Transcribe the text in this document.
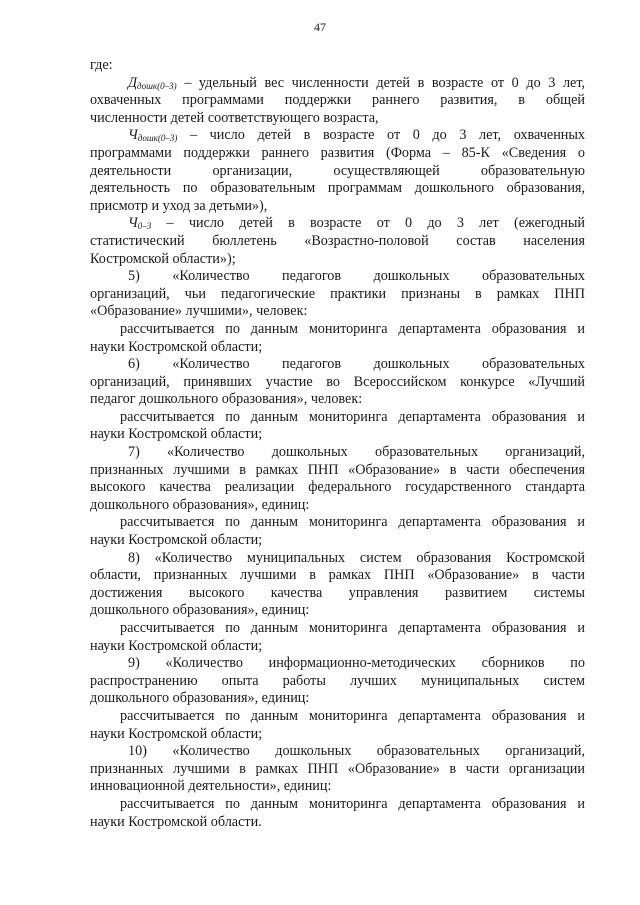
47
где:
$Д_{дошк(0-3)}$ – удельный вес численности детей в возрасте от 0 до 3 лет,
охваченных программами поддержки раннего развития, в общей
численности детей соответствующего возраста,
$Ч_{дошк(0-3)}$ – число детей в возрасте от 0 до 3 лет, охваченных
программами поддержки раннего развития (Форма – 85-К «Сведения о
деятельности организации, осуществляющей образовательную
деятельность по образовательным программам дошкольного образования,
присмотр и уход за детьми»),
$Ч_{0-3}$ – число детей в возрасте от 0 до 3 лет (ежегодный
статистический бюллетень «Возрастно-половой состав населения
Костромской области»);
5) «Количество педагогов дошкольных образовательных
организаций, чьи педагогические практики признаны в рамках ПНП
«Образование» лучшими», человек:
рассчитывается по данным мониторинга департамента образования и
науки Костромской области;
6) «Количество педагогов дошкольных образовательных
организаций, принявших участие во Всероссийском конкурсе «Лучший
педагог дошкольного образования», человек:
рассчитывается по данным мониторинга департамента образования и
науки Костромской области;
7) «Количество дошкольных образовательных организаций,
признанных лучшими в рамках ПНП «Образование» в части обеспечения
высокого качества реализации федерального государственного стандарта
дошкольного образования», единиц:
рассчитывается по данным мониторинга департамента образования и
науки Костромской области;
8) «Количество муниципальных систем образования Костромской
области, признанных лучшими в рамках ПНП «Образование» в части
достижения высокого качества управления развитием системы
дошкольного образования», единиц:
рассчитывается по данным мониторинга департамента образования и
науки Костромской области;
9) «Количество информационно-методических сборников по
распространению опыта работы лучших муниципальных систем
дошкольного образования», единиц:
рассчитывается по данным мониторинга департамента образования и
науки Костромской области;
10) «Количество дошкольных образовательных организаций,
признанных лучшими в рамках ПНП «Образование» в части организации
инновационной деятельности», единиц:
рассчитывается по данным мониторинга департамента образования и
науки Костромской области.
